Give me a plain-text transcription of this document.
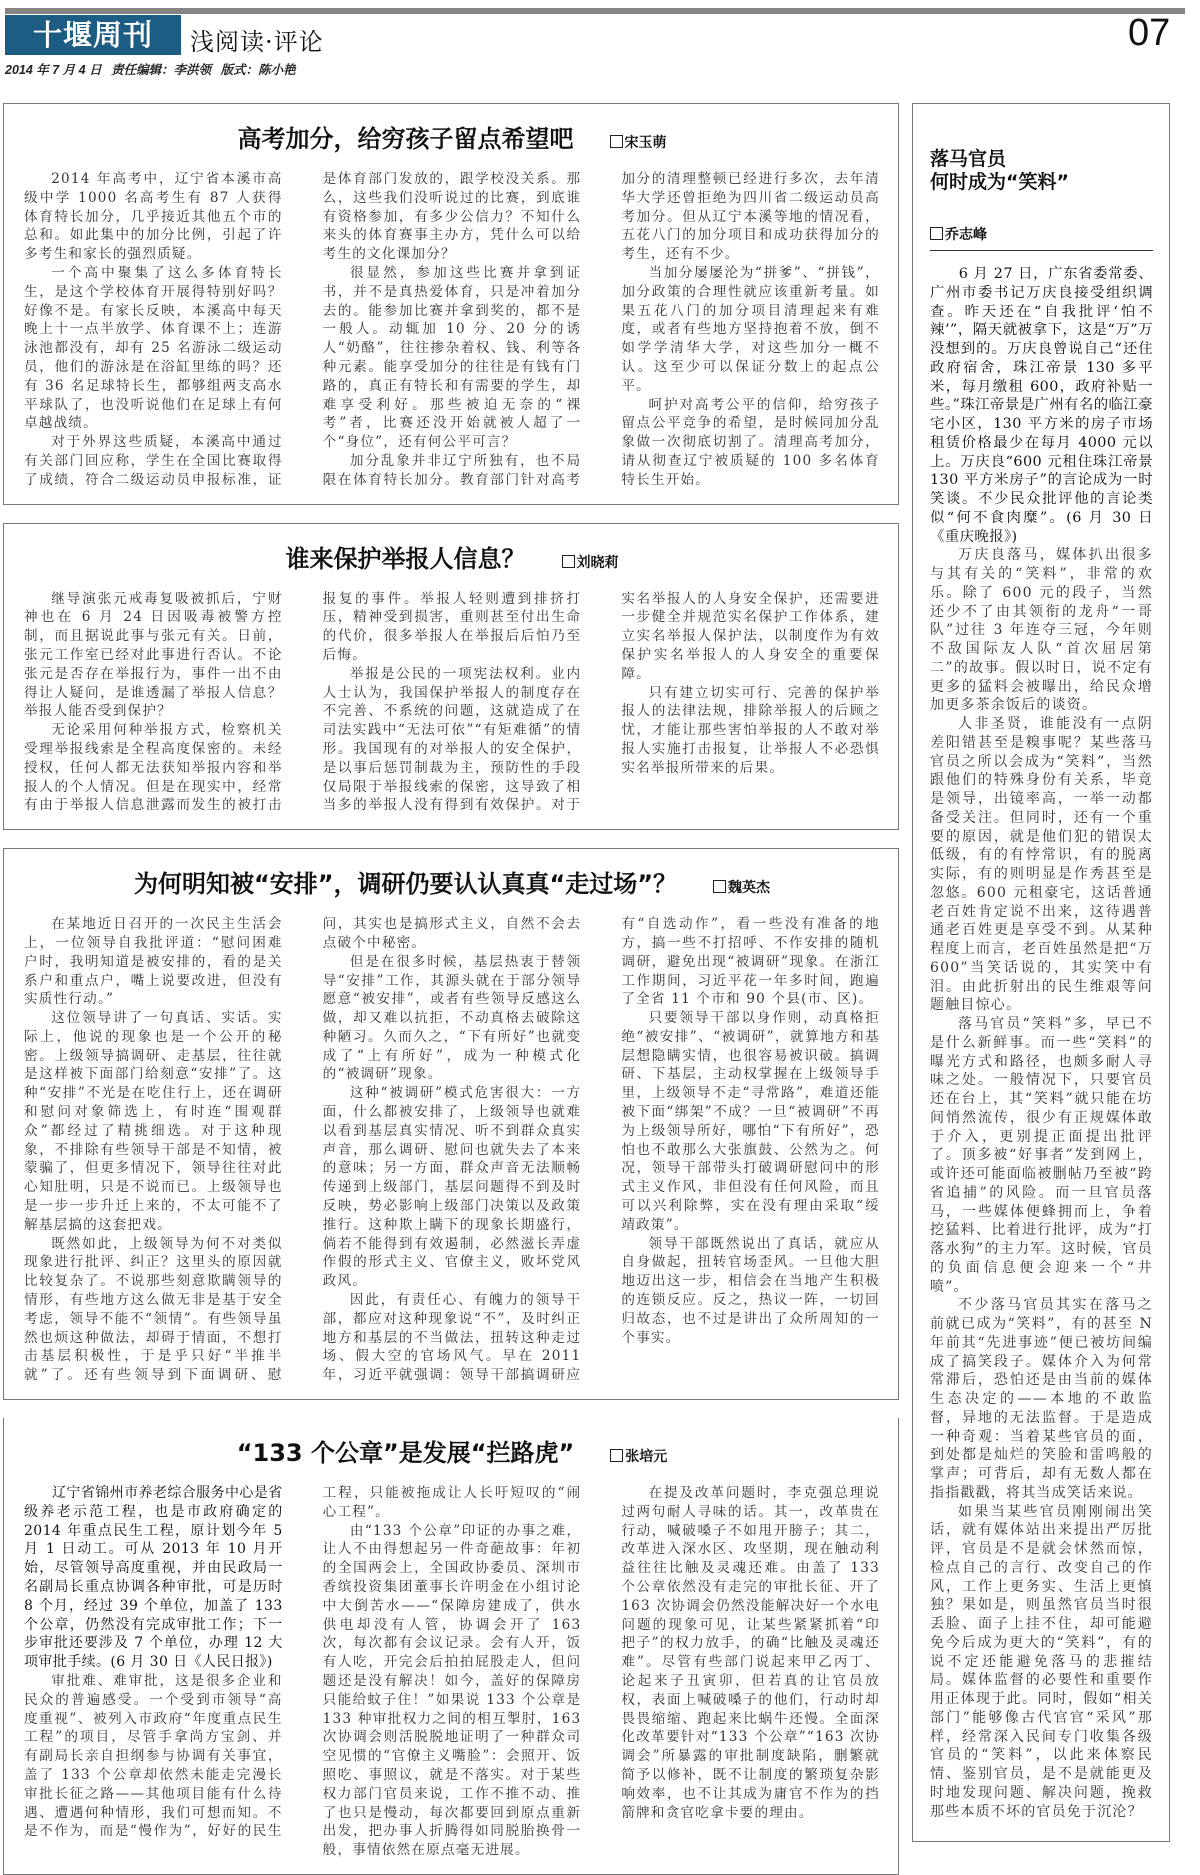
十堰周刊	浅阅读·评论	07
2014 年 7 月 4 日 责任编辑：李洪领 版式：陈小艳
高考加分，给穷孩子留点希望吧	宋玉萌

2014 年高考中，辽宁省本溪市高级中学 1000 名高考生有 87 人获得体育特长加分，几乎接近其他五个市的总和。如此集中的加分比例，引起了许多考生和家长的强烈质疑。

一个高中聚集了这么多体育特长生，是这个学校体育开展得特别好吗？好像不是。有家长反映，本溪高中每天晚上十一点半放学、体育课不上；连游泳池都没有，却有 25 名游泳二级运动员，他们的游泳是在浴缸里练的吗？还有 36 名足球特长生，都够组两支高水平球队了，也没听说他们在足球上有何卓越战绩。

对于外界这些质疑，本溪高中通过有关部门回应称，学生在全国比赛取得了成绩，符合二级运动员申报标准，证是体育部门发放的，跟学校没关系。那么，这些我们没听说过的比赛，到底谁有资格参加，有多少公信力？不知什么来头的体育赛事主办方，凭什么可以给考生的文化课加分？

很显然，参加这些比赛并拿到证书，并不是真热爱体育，只是冲着加分去的。能参加比赛并拿到奖的，都不是一般人。动辄加 10 分、20 分的诱人“奶酪”，往往掺杂着权、钱、利等各种元素。能享受加分的往往是有钱有门路的，真正有特长和有需要的学生，却难享受利好。那些被迫无奈的“裸考”者，比赛还没开始就被人超了一个“身位”，还有何公平可言？

加分乱象并非辽宁所独有，也不局限在体育特长加分。教育部门针对高考加分的清理整顿已经进行多次，去年清华大学还曾拒绝为四川省二级运动员高考加分。但从辽宁本溪等地的情况看，五花八门的加分项目和成功获得加分的考生，还有不少。

当加分屡屡沦为“拼爹”、“拼钱”，加分政策的合理性就应该重新考量。如果五花八门的加分项目清理起来有难度，或者有些地方坚持抱着不放，倒不如学学清华大学，对这些加分一概不认。这至少可以保证分数上的起点公平。

呵护对高考公平的信仰，给穷孩子留点公平竞争的希望，是时候同加分乱象做一次彻底切割了。清理高考加分，请从彻查辽宁被质疑的 100 多名体育特长生开始。

谁来保护举报人信息？	刘晓莉

继导演张元戒毒复吸被抓后，宁财神也在 6 月 24 日因吸毒被警方控制，而且据说此事与张元有关。日前，张元工作室已经对此事进行否认。不论张元是否存在举报行为，事件一出不由得让人疑问，是谁透漏了举报人信息？举报人能否受到保护？

无论采用何种举报方式，检察机关受理举报线索是全程高度保密的。未经授权，任何人都无法获知举报内容和举报人的个人情况。但是在现实中，经常有由于举报人信息泄露而发生的被打击报复的事件。举报人轻则遭到排挤打压，精神受到损害，重则甚至付出生命的代价，很多举报人在举报后后怕乃至后悔。

举报是公民的一项宪法权利。业内人士认为，我国保护举报人的制度存在不完善、不系统的问题，这就造成了在司法实践中“无法可依”“有矩难循”的情形。我国现有的对举报人的安全保护，是以事后惩罚制裁为主，预防性的手段仅局限于举报线索的保密，这导致了相当多的举报人没有得到有效保护。对于实名举报人的人身安全保护，还需要进一步健全并规范实名保护工作体系，建立实名举报人保护法，以制度作为有效保护实名举报人的人身安全的重要保障。

只有建立切实可行、完善的保护举报人的法律法规，排除举报人的后顾之忧，才能让那些害怕举报的人不敢对举报人实施打击报复，让举报人不必恐惧实名举报所带来的后果。

为何明知被“安排”，调研仍要认认真真“走过场”？	魏英杰

在某地近日召开的一次民主生活会上，一位领导自我批评道：“慰问困难户时，我明知道是被安排的，看的是关系户和重点户，嘴上说要改进，但没有实质性行动。”

这位领导讲了一句真话、实话。实际上，他说的现象也是一个公开的秘密。上级领导搞调研、走基层，往往就是这样被下面部门给刻意“安排”了。这种“安排”不光是在吃住行上，还在调研和慰问对象筛选上，有时连“围观群众”都经过了精挑细选。对于这种现象，不排除有些领导干部是不知情，被蒙骗了，但更多情况下，领导往往对此心知肚明，只是不说而已。上级领导也是一步一步升迁上来的，不太可能不了解基层搞的这套把戏。

既然如此，上级领导为何不对类似现象进行批评、纠正？这里头的原因就比较复杂了。不说那些刻意欺瞒领导的情形，有些地方这么做无非是基于安全考虑，领导不能不“领情”。有些领导虽然也烦这种做法，却碍于情面，不想打击基层积极性，于是乎只好“半推半就”了。还有些领导到下面调研、慰问，其实也是搞形式主义，自然不会去点破个中秘密。

但是在很多时候，基层热衷于替领导“安排”工作，其源头就在于部分领导愿意“被安排”，或者有些领导反感这么做，却又难以抗拒，不动真格去破除这种陋习。久而久之，“下有所好”也就变成了“上有所好”，成为一种模式化的“被调研”现象。

这种“被调研”模式危害很大：一方面，什么都被安排了，上级领导也就难以看到基层真实情况、听不到群众真实声音，那么调研、慰问也就失去了本来的意味；另一方面，群众声音无法顺畅传递到上级部门，基层问题得不到及时反映，势必影响上级部门决策以及政策推行。这种欺上瞒下的现象长期盛行，倘若不能得到有效遏制，必然滋长弄虚作假的形式主义、官僚主义，败坏党风政风。

因此，有责任心、有魄力的领导干部，都应对这种现象说“不”，及时纠正地方和基层的不当做法，扭转这种走过场、假大空的官场风气。早在 2011 年，习近平就强调：领导干部搞调研应有“自选动作”，看一些没有准备的地方，搞一些不打招呼、不作安排的随机调研，避免出现“被调研”现象。在浙江工作期间，习近平花一年多时间，跑遍了全省 11 个市和 90 个县(市、区)。

只要领导干部以身作则，动真格拒绝“被安排”、“被调研”，就算地方和基层想隐瞒实情，也很容易被识破。搞调研、下基层，主动权掌握在上级领导手里，上级领导不走“寻常路”，难道还能被下面“绑架”不成？一旦“被调研”不再为上级领导所好，哪怕“下有所好”，恐怕也不敢那么大张旗鼓、公然为之。何况，领导干部带头打破调研慰问中的形式主义作风，非但没有任何风险，而且可以兴利除弊，实在没有理由采取“绥靖政策”。

领导干部既然说出了真话，就应从自身做起，扭转官场歪风。一旦他大胆地迈出这一步，相信会在当地产生积极的连锁反应。反之，热议一阵，一切回归故态，也不过是讲出了众所周知的一个事实。

“133 个公章”是发展“拦路虎”	张培元

辽宁省锦州市养老综合服务中心是省级养老示范工程，也是市政府确定的 2014 年重点民生工程，原计划今年 5 月 1 日动工。可从 2013 年 10 月开始，尽管领导高度重视，并由民政局一名副局长重点协调各种审批，可是历时 8 个月，经过 39 个单位，加盖了 133 个公章，仍然没有完成审批工作；下一步审批还要涉及 7 个单位，办理 12 大项审批手续。(6 月 30 日《人民日报》)

审批难、难审批，这是很多企业和民众的普遍感受。一个受到市领导“高度重视”、被列入市政府“年度重点民生工程”的项目，尽管手拿尚方宝剑、并有副局长亲自担纲参与协调有关事宜，盖了 133 个公章却依然未能走完漫长审批长征之路——其他项目能有什么待遇、遭遇何种情形，我们可想而知。不是不作为，而是“慢作为”，好好的民生工程，只能被拖成让人长吁短叹的“闹心工程”。

由“133 个公章”印证的办事之难，让人不由得想起另一件奇葩故事：年初的全国两会上，全国政协委员、深圳市香缤投资集团董事长许明金在小组讨论中大倒苦水——“保障房建成了，供水供电却没有人管，协调会开了 163 次，每次都有会议记录。会有人开，饭有人吃，开完会后拍拍屁股走人，但问题还是没有解决！如今，盖好的保障房只能给蚊子住！”如果说 133 个公章是 133 种审批权力之间的相互掣肘，163 次协调会则活脱脱地证明了一种群众司空见惯的“官僚主义嘴脸”：会照开、饭照吃、事照议，就是不落实。对于某些权力部门官员来说，工作不推不动、推了也只是慢动，每次都要回到原点重新出发，把办事人折腾得如同脱胎换骨一般，事情依然在原点毫无进展。

在提及改革问题时，李克强总理说过两句耐人寻味的话。其一，改革贵在行动，喊破嗓子不如甩开膀子；其二，改革进入深水区、攻坚期，现在触动利益往往比触及灵魂还难。由盖了 133 个公章依然没有走完的审批长征、开了 163 次协调会仍然没能解决好一个水电问题的现象可见，让某些紧紧抓着“印把子”的权力放手，的确“比触及灵魂还难”。尽管有些部门说起来甲乙丙丁、论起来子丑寅卯，但若真的让官员放权，表面上喊破嗓子的他们，行动时却畏畏缩缩、跑起来比蜗牛还慢。全面深化改革要针对“133 个公章”“163 次协调会”所暴露的审批制度缺陷，删繁就简予以修补，既不让制度的繁琐复杂影响效率，也不让其成为庸官不作为的挡箭牌和贪官吃拿卡要的理由。

落马官员
何时成为“笑料”
乔志峰

6 月 27 日，广东省委常委、广州市委书记万庆良接受组织调查。昨天还在“自我批评‘怕不辣’”，隔天就被拿下，这是“万”万没想到的。万庆良曾说自己“还住政府宿舍，珠江帝景 130 多平米，每月缴租 600，政府补贴一些。”珠江帝景是广州有名的临江豪宅小区，130 平方米的房子市场租赁价格最少在每月 4000 元以上。万庆良“600 元租住珠江帝景 130 平方米房子”的言论成为一时笑谈。不少民众批评他的言论类似“何不食肉糜”。(6 月 30 日《重庆晚报》)

万庆良落马，媒体扒出很多与其有关的“笑料”，非常的欢乐。除了 600 元的段子，当然还少不了由其领衔的龙舟“一哥队”过往 3 年连夺三冠，今年则不敌国际友人队“首次屈居第二”的故事。假以时日，说不定有更多的猛料会被曝出，给民众增加更多茶余饭后的谈资。

人非圣贤，谁能没有一点阴差阳错甚至是糗事呢？某些落马官员之所以会成为“笑料”，当然跟他们的特殊身份有关系，毕竟是领导，出镜率高，一举一动都备受关注。但同时，还有一个重要的原因，就是他们犯的错误太低级，有的有悖常识，有的脱离实际，有的则明显是作秀甚至是忽悠。600 元租豪宅，这话普通老百姓肯定说不出来，这待遇普通老百姓更是享受不到。从某种程度上而言，老百姓虽然是把“万 600”当笑话说的，其实笑中有泪。由此折射出的民生维艰等问题触目惊心。

落马官员“笑料”多，早已不是什么新鲜事。而一些“笑料”的曝光方式和路径，也颇多耐人寻味之处。一般情况下，只要官员还在台上，其“笑料”就只能在坊间悄然流传，很少有正规媒体敢于介入，更别提正面提出批评了。顶多被“好事者”发到网上，或许还可能面临被删帖乃至被“跨省追捕”的风险。而一旦官员落马，一些媒体便蜂拥而上，争着挖猛料、比着进行批评，成为“打落水狗”的主力军。这时候，官员的负面信息便会迎来一个“井喷”。

不少落马官员其实在落马之前就已成为“笑料”，有的甚至 N 年前其“先进事迹”便已被坊间编成了搞笑段子。媒体介入为何常常滞后，恐怕还是由当前的媒体生态决定的——本地的不敢监督，异地的无法监督。于是造成一种奇观：当着某些官员的面，到处都是灿烂的笑脸和雷鸣般的掌声；可背后，却有无数人都在指指戳戳，将其当成笑话来说。

如果当某些官员刚刚闹出笑话，就有媒体站出来提出严厉批评，官员是不是就会怵然而惊，检点自己的言行、改变自己的作风，工作上更务实、生活上更慎独？果如是，则虽然官员当时很丢脸、面子上挂不住，却可能避免今后成为更大的“笑料”，有的说不定还能避免落马的悲摧结局。媒体监督的必要性和重要作用正体现于此。同时，假如“相关部门”能够像古代官官“采风”那样，经常深入民间专门收集各级官员的“笑料”，以此来体察民情、鉴别官员，是不是就能更及时地发现问题、解决问题，挽救那些本质不坏的官员免于沉沦？
